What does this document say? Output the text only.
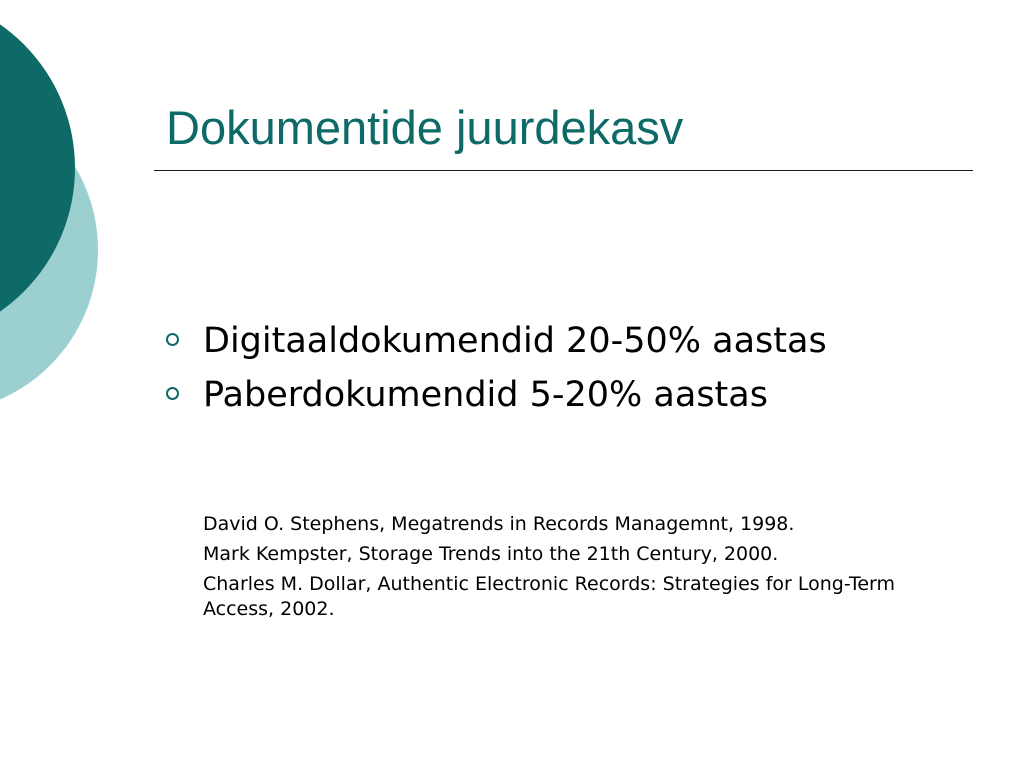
Dokumentide juurdekasv
Digitaaldokumendid 20-50% aastas
Paberdokumendid 5-20% aastas
David O. Stephens, Megatrends in Records Managemnt, 1998.
Mark Kempster, Storage Trends into the 21th Century, 2000.
Charles M. Dollar, Authentic Electronic Records: Strategies for Long-Term Access, 2002.
